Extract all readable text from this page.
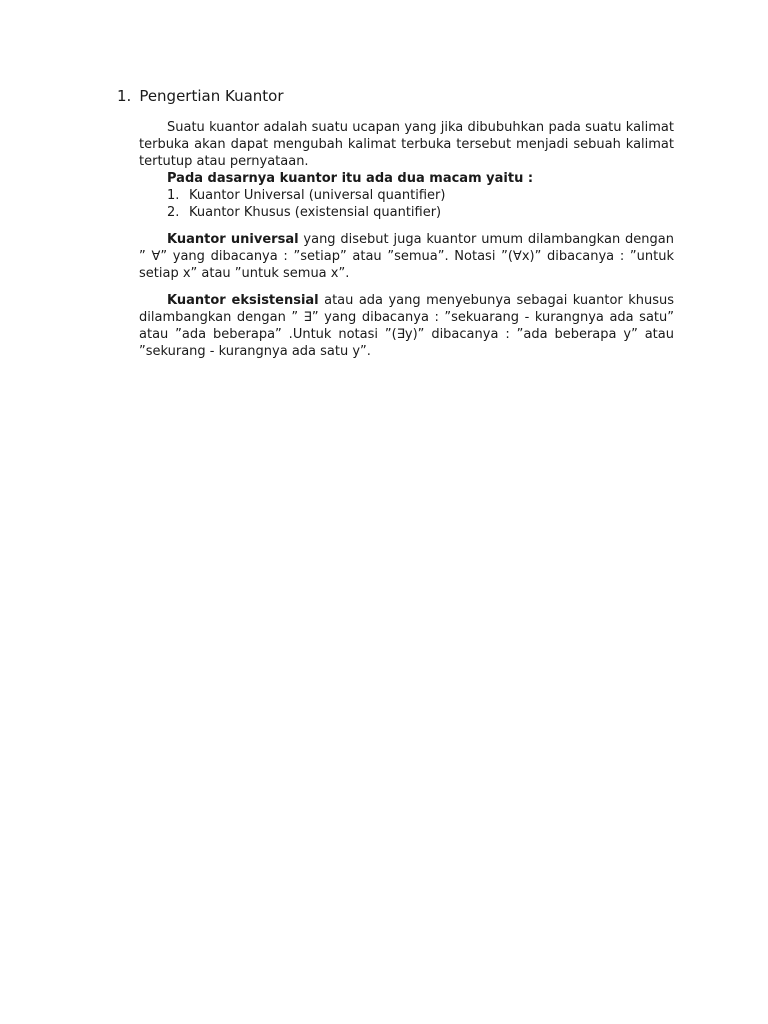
1. Pengertian Kuantor

Suatu kuantor adalah suatu ucapan yang jika dibubuhkan pada suatu kalimat terbuka akan dapat mengubah kalimat terbuka tersebut menjadi sebuah kalimat tertutup atau pernyataan.

Pada dasarnya kuantor itu ada dua macam yaitu :

1. Kuantor Universal (universal quantifier)
2. Kuantor Khusus (existensial quantifier)

Kuantor universal yang disebut juga kuantor umum dilambangkan dengan ” ∀” yang dibacanya : ”setiap” atau ”semua”. Notasi ”(∀x)” dibacanya : ”untuk setiap x” atau ”untuk semua x”.

Kuantor eksistensial atau ada yang menyebunya sebagai kuantor khusus dilambangkan dengan ” ∃” yang dibacanya : ”sekuarang - kurangnya ada satu” atau ”ada beberapa” .Untuk notasi ”(∃y)” dibacanya : ”ada beberapa y” atau ”sekurang - kurangnya ada satu y”.
